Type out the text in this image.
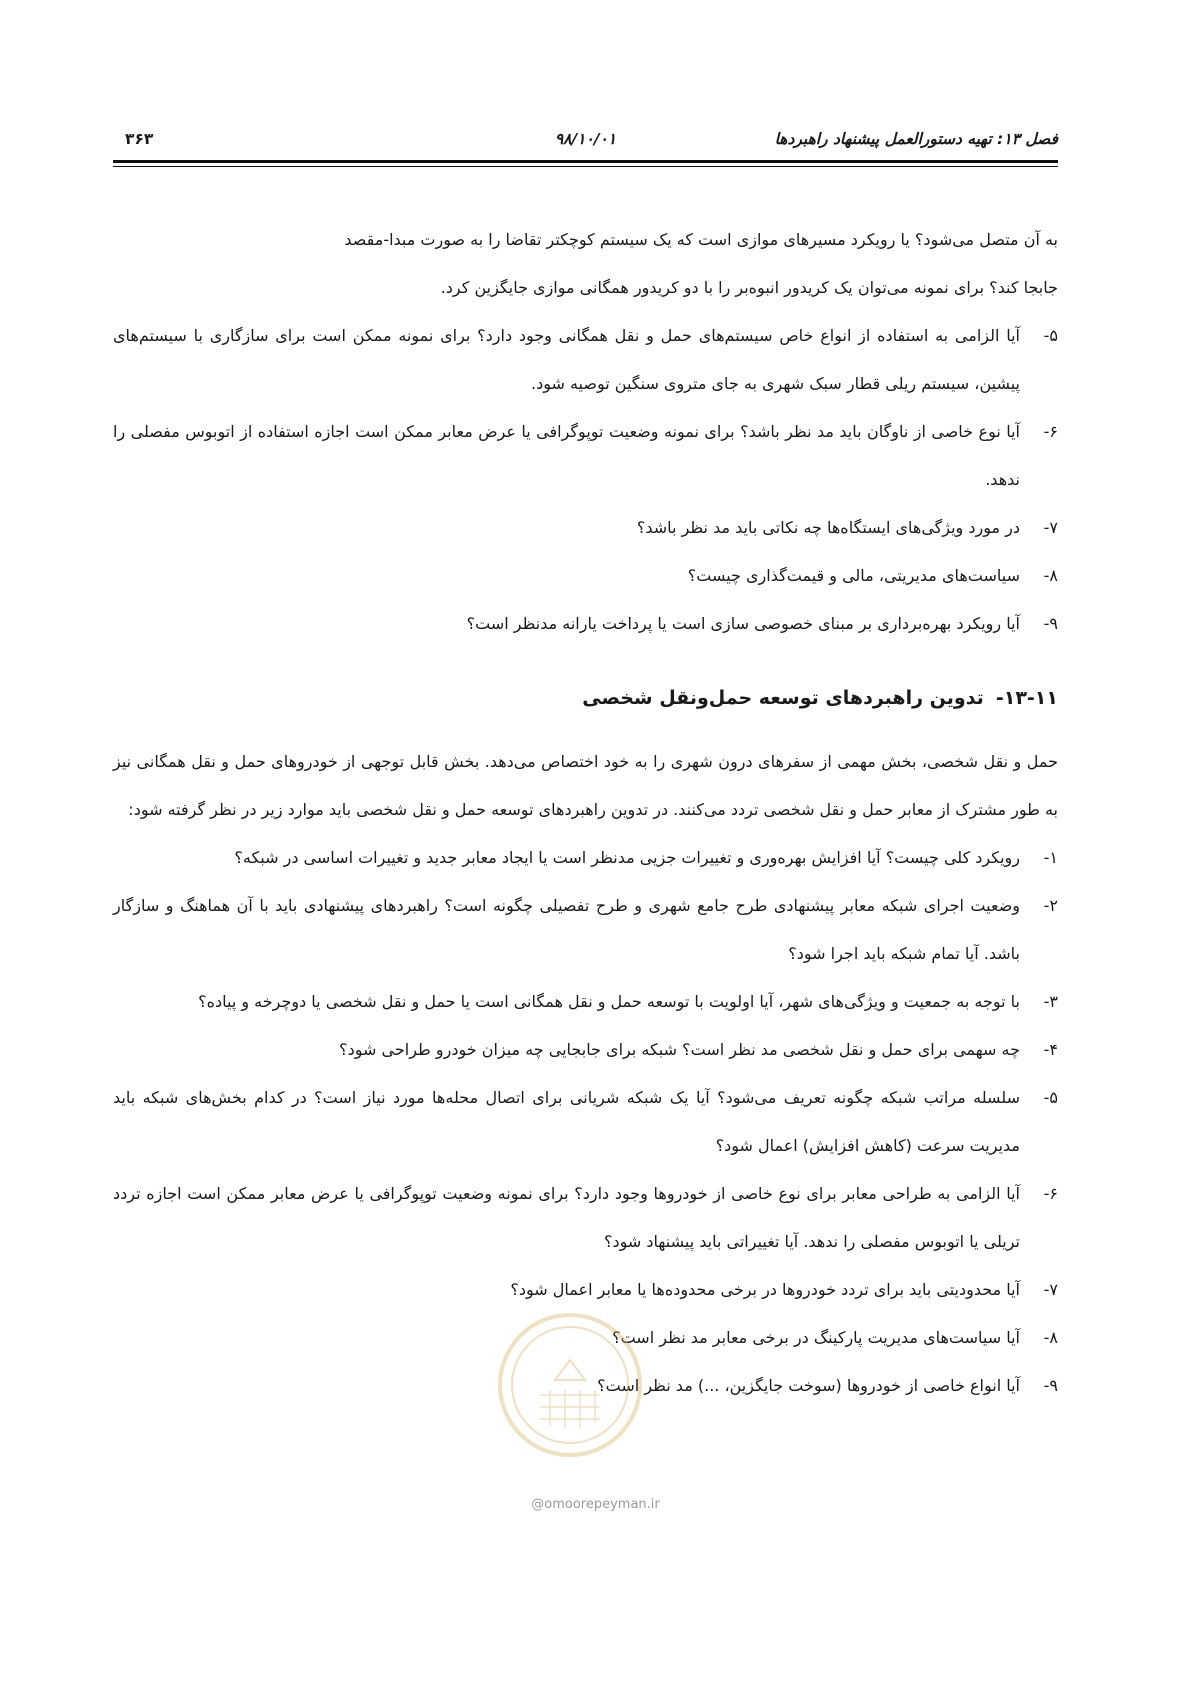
فصل ۱۳: تهیه دستورالعمل پیشنهاد راهبردها
۹۸/۱۰/۰۱
۳۶۳

به آن متصل می‌شود؟ یا رویکرد مسیرهای موازی است که یک سیستم کوچکتر تقاضا را به صورت مبدا-مقصد

جابجا کند؟ برای نمونه می‌توان یک کریدور انبوه‌بر را با دو کریدور همگانی موازی جایگزین کرد.

۵-
آیا الزامی به استفاده از انواع خاص سیستم‌های حمل و نقل همگانی وجود دارد؟ برای نمونه ممکن است برای سازگاری با سیستم‌های پیشین، سیستم ریلی قطار سبک شهری به جای متروی سنگین توصیه شود.
۶-
آیا نوع خاصی از ناوگان باید مد نظر باشد؟ برای نمونه وضعیت توپوگرافی یا عرض معابر ممکن است اجازه استفاده از اتوبوس مفصلی را ندهد.
۷-
در مورد ویژگی‌های ایستگاه‌ها چه نکاتی باید مد نظر باشد؟
۸-
سیاست‌های مدیریتی، مالی و قیمت‌گذاری چیست؟
۹-
آیا رویکرد بهره‌برداری بر مبنای خصوصی سازی است یا پرداخت یارانه مدنظر است؟
۱۳-۱۱-تدوین راهبردهای توسعه حمل‌ونقل شخصی

حمل و نقل شخصی، بخش مهمی از سفرهای درون شهری را به خود اختصاص می‌دهد. بخش قابل توجهی از خودروهای حمل و نقل همگانی نیز به طور مشترک از معابر حمل و نقل شخصی تردد می‌کنند. در تدوین راهبردهای توسعه حمل و نقل شخصی باید موارد زیر در نظر گرفته شود:

۱-
رویکرد کلی چیست؟ آیا افزایش بهره‌وری و تغییرات جزیی مدنظر است یا ایجاد معابر جدید و تغییرات اساسی در شبکه؟
۲-
وضعیت اجرای شبکه معابر پیشنهادی طرح جامع شهری و طرح تفصیلی چگونه است؟ راهبردهای پیشنهادی باید با آن هماهنگ و سازگار باشد. آیا تمام شبکه باید اجرا شود؟
۳-
با توجه به جمعیت و ویژگی‌های شهر، آیا اولویت با توسعه حمل و نقل همگانی است یا حمل و نقل شخصی یا دوچرخه و پیاده؟
۴-
چه سهمی برای حمل و نقل شخصی مد نظر است؟ شبکه برای جابجایی چه میزان خودرو طراحی شود؟
۵-
سلسله مراتب شبکه چگونه تعریف می‌شود؟ آیا یک شبکه شریانی برای اتصال محله‌ها مورد نیاز است؟ در کدام بخش‌های شبکه باید مدیریت سرعت (کاهش افزایش) اعمال شود؟
۶-
آیا الزامی به طراحی معابر برای نوع خاصی از خودروها وجود دارد؟ برای نمونه وضعیت توپوگرافی یا عرض معابر ممکن است اجازه تردد تریلی یا اتوبوس مفصلی را ندهد. آیا تغییراتی باید پیشنهاد شود؟
۷-
آیا محدودیتی باید برای تردد خودروها در برخی محدوده‌ها یا معابر اعمال شود؟
۸-
آیا سیاست‌های مدیریت پارکینگ در برخی معابر مد نظر است؟
۹-
آیا انواع خاصی از خودروها (سوخت جایگزین، ...) مد نظر است؟
@omoorepeyman.ir
